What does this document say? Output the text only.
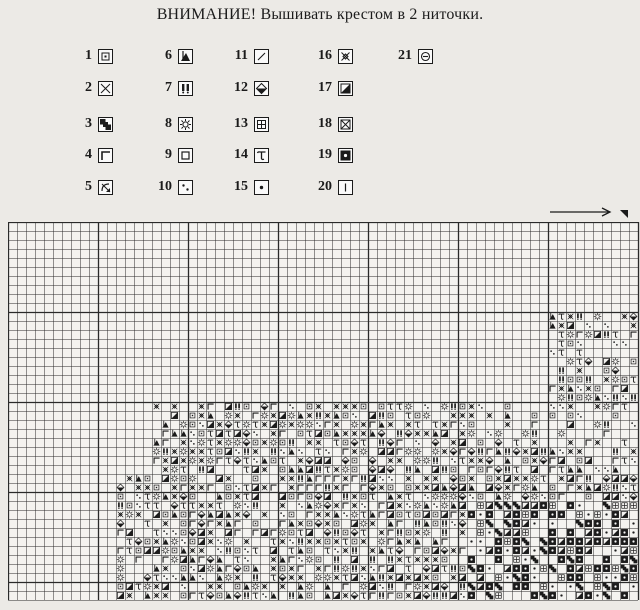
ВНИМАНИЕ! Вышивать крестом в 2 ниточки.
1
2
3
4
5
6
7
8
9
10
11
12
13
14
15
16
17
18
19
20
21
